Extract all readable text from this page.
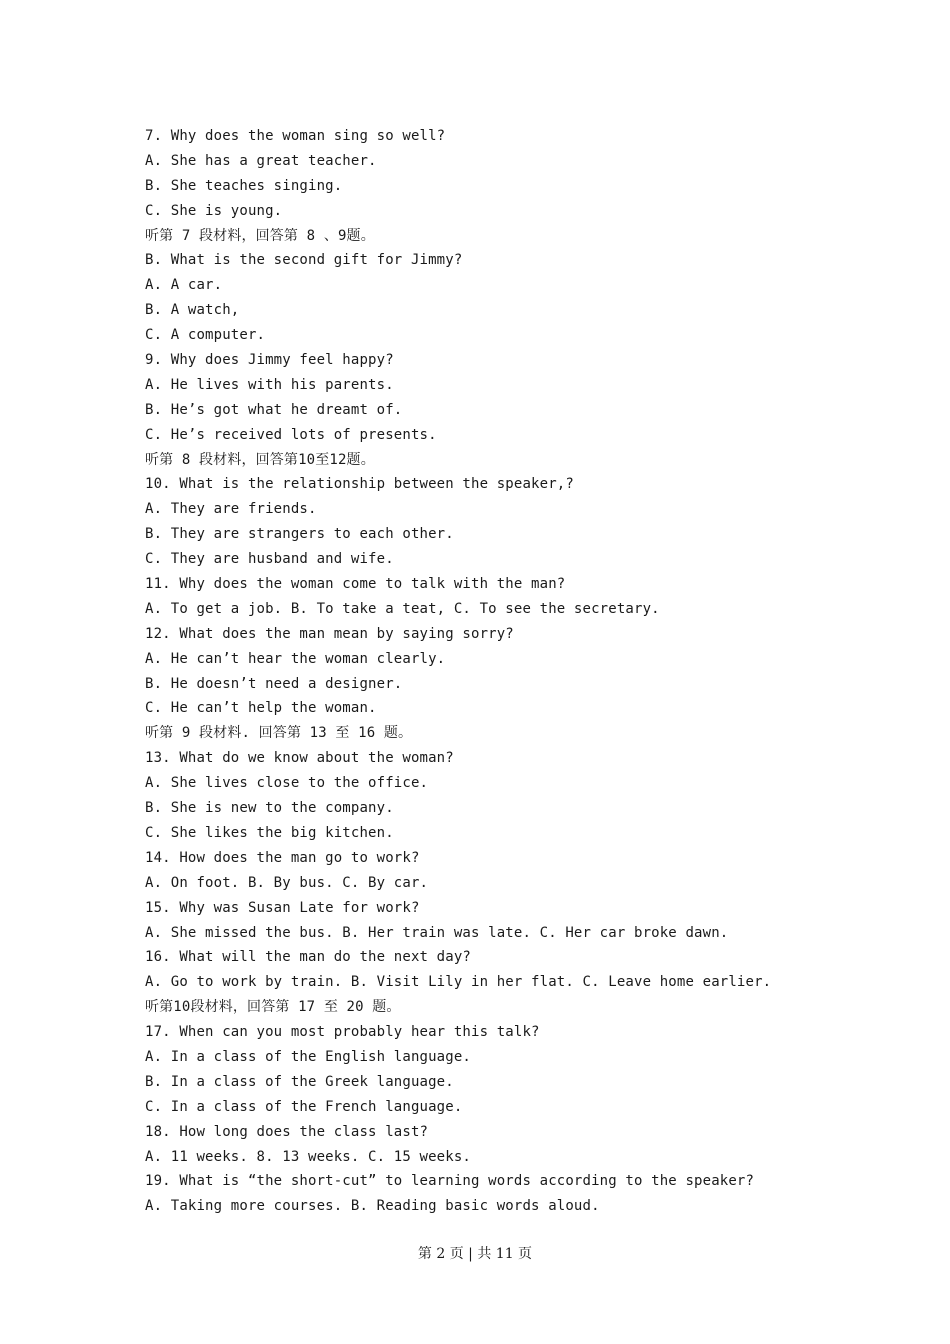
7. Why does the woman sing so well?
A. She has a great teacher.
B. She teaches singing.
C. She is young.
听第 7 段材料，回答第 8 、9题。
B. What is the second gift for Jimmy?
A. A car.
B. A watch,
C. A computer.
9. Why does Jimmy feel happy?
A. He lives with his parents.
B. He’s got what he dreamt of.
C. He’s received lots of presents.
听第 8 段材料，回答第10至12题。
10. What is the relationship between the speaker,?
A. They are friends.
B. They are strangers to each other.
C. They are husband and wife.
11. Why does the woman come to talk with the man?
A. To get a job. B. To take a teat, C. To see the secretary.
12. What does the man mean by saying sorry?
A. He can’t hear the woman clearly.
B. He doesn’t need a designer.
C. He can’t help the woman.
听第 9 段材料. 回答第 13 至 16 题。
13. What do we know about the woman?
A. She lives close to the office.
B. She is new to the company.
C. She likes the big kitchen.
14. How does the man go to work?
A. On foot. B. By bus. C. By car.
15. Why was Susan Late for work?
A. She missed the bus. B. Her train was late. C. Her car broke dawn.
16. What will the man do the next day?
A. Go to work by train. B. Visit Lily in her flat. C. Leave home earlier.
听第10段材料，回答第 17 至 20 题。
17. When can you most probably hear this talk?
A. In a class of the English language.
B. In a class of the Greek language.
C. In a class of the French language.
18. How long does the class last?
A. 11 weeks. 8. 13 weeks. C. 15 weeks.
19. What is “the short-cut” to learning words according to the speaker?
A. Taking more courses. B. Reading basic words aloud.
第 2 页 | 共 11 页
